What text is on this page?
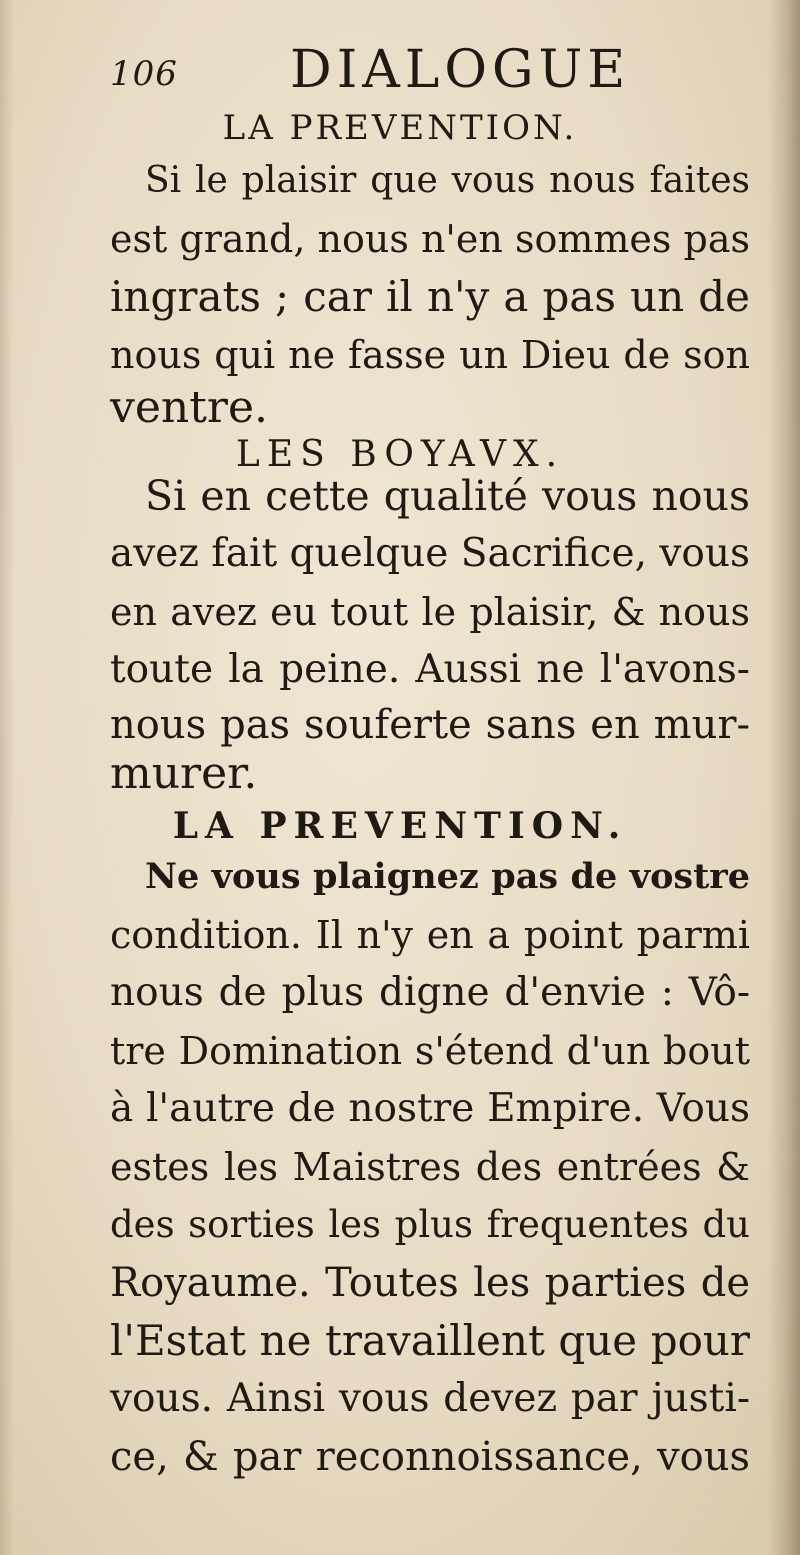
106 DIALOGUE
LA PREVENTION.
Si le plaisir que vous nous faites
est grand, nous n'en sommes pas
ingrats ; car il n'y a pas un de
nous qui ne fasse un Dieu de son
ventre.
LES BOYAVX.
Si en cette qualité vous nous
avez fait quelque Sacrifice, vous
en avez eu tout le plaisir, & nous
toute la peine. Aussi ne l'avons-
nous pas souferte sans en mur-
murer.
LA PREVENTION.
Ne vous plaignez pas de vostre
condition. Il n'y en a point parmi
nous de plus digne d'envie : Vô-
tre Domination s'étend d'un bout
à l'autre de nostre Empire. Vous
estes les Maistres des entrées &
des sorties les plus frequentes du
Royaume. Toutes les parties de
l'Estat ne travaillent que pour
vous. Ainsi vous devez par justi-
ce, & par reconnoissance, vous
